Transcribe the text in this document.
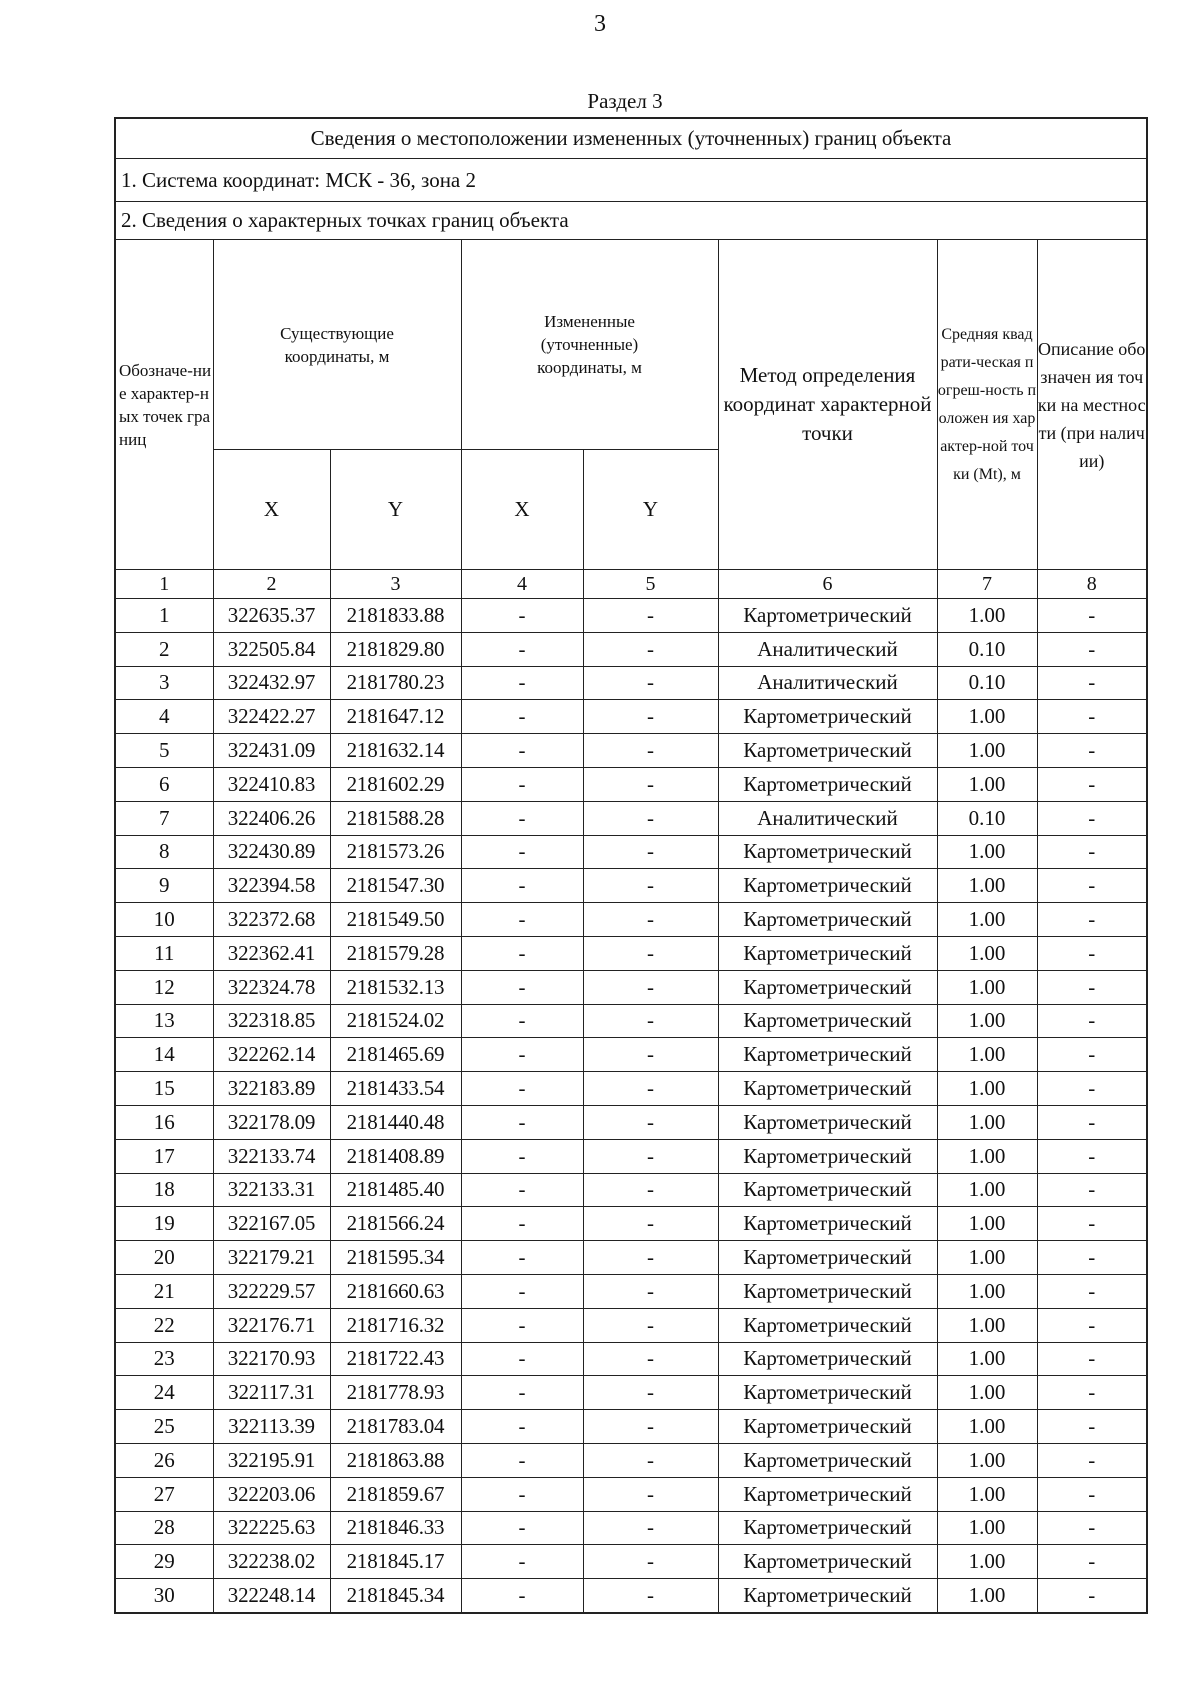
3
Раздел 3
Сведения о местоположении измененных (уточненных) границ объекта							
1. Система координат: МСК - 36, зона 2							
2. Сведения о характерных точках границ объекта							

Обозначе-ние характер-ных точек границ	Существующие координаты, м		Измененные (уточненные) координаты, м		Метод определения координат характерной точки	Средняя квадрати-ческая погреш-ность положен ия характер-ной точки (Mt), м	Описание обозначен ия точки на местности (при наличии)

	X	Y	X	Y			
1	2	3	4	5	6	7	8
1	322635.37	2181833.88	-	-	Картометрический	1.00	-
2	322505.84	2181829.80	-	-	Аналитический	0.10	-
3	322432.97	2181780.23	-	-	Аналитический	0.10	-
4	322422.27	2181647.12	-	-	Картометрический	1.00	-
5	322431.09	2181632.14	-	-	Картометрический	1.00	-
6	322410.83	2181602.29	-	-	Картометрический	1.00	-
7	322406.26	2181588.28	-	-	Аналитический	0.10	-
8	322430.89	2181573.26	-	-	Картометрический	1.00	-
9	322394.58	2181547.30	-	-	Картометрический	1.00	-
10	322372.68	2181549.50	-	-	Картометрический	1.00	-
11	322362.41	2181579.28	-	-	Картометрический	1.00	-
12	322324.78	2181532.13	-	-	Картометрический	1.00	-
13	322318.85	2181524.02	-	-	Картометрический	1.00	-
14	322262.14	2181465.69	-	-	Картометрический	1.00	-
15	322183.89	2181433.54	-	-	Картометрический	1.00	-
16	322178.09	2181440.48	-	-	Картометрический	1.00	-
17	322133.74	2181408.89	-	-	Картометрический	1.00	-
18	322133.31	2181485.40	-	-	Картометрический	1.00	-
19	322167.05	2181566.24	-	-	Картометрический	1.00	-
20	322179.21	2181595.34	-	-	Картометрический	1.00	-
21	322229.57	2181660.63	-	-	Картометрический	1.00	-
22	322176.71	2181716.32	-	-	Картометрический	1.00	-
23	322170.93	2181722.43	-	-	Картометрический	1.00	-
24	322117.31	2181778.93	-	-	Картометрический	1.00	-
25	322113.39	2181783.04	-	-	Картометрический	1.00	-
26	322195.91	2181863.88	-	-	Картометрический	1.00	-
27	322203.06	2181859.67	-	-	Картометрический	1.00	-
28	322225.63	2181846.33	-	-	Картометрический	1.00	-
29	322238.02	2181845.17	-	-	Картометрический	1.00	-
30	322248.14	2181845.34	-	-	Картометрический	1.00	-
